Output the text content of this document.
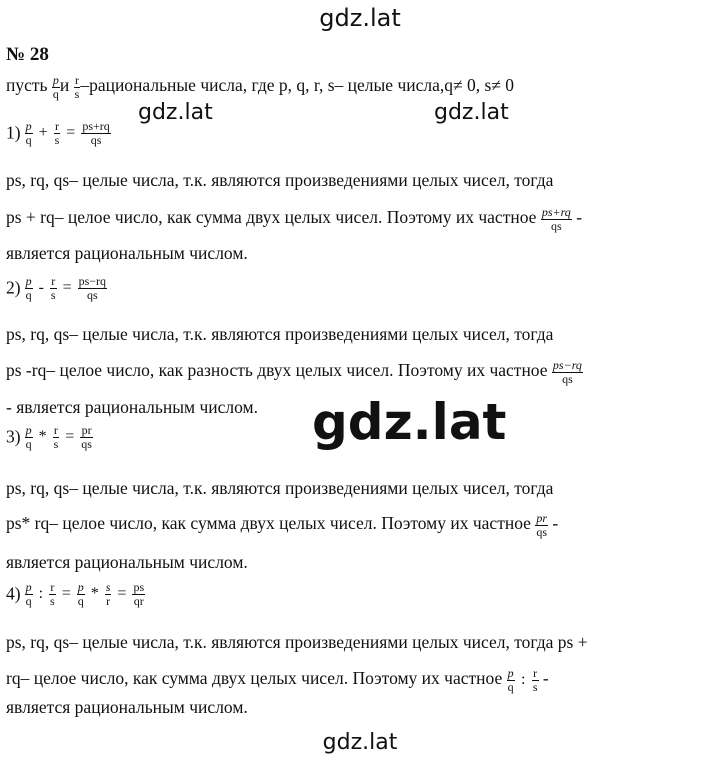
gdz.lat
gdz.lat	gdz.lat
gdz.lat
gdz.lat
№ 28
пусть $\frac{p}{q}$ и $\frac{r}{s}$ –рациональные числа, где p, q, r, s– целые числа,q≠ 0, s≠ 0
$1) \frac{p}{q} + \frac{r}{s} = \frac{ps+rq}{qs}$
ps, rq, qs– целые числа, т.к. являются произведениями целых чисел, тогда
ps + rq– целое число, как сумма двух целых чисел. Поэтому их частное $\frac{ps+rq}{qs}$ -
является рациональным числом.
$2) \frac{p}{q} - \frac{r}{s} = \frac{ps-rq}{qs}$
ps, rq, qs– целые числа, т.к. являются произведениями целых чисел, тогда
ps -rq– целое число, как разность двух целых чисел. Поэтому их частное $\frac{ps-rq}{qs}$
- является рациональным числом.
$3) \frac{p}{q} * \frac{r}{s} = \frac{pr}{qs}$
ps, rq, qs– целые числа, т.к. являются произведениями целых чисел, тогда
ps* rq– целое число, как сумма двух целых чисел. Поэтому их частное $\frac{pr}{qs}$ -
является рациональным числом.
$4) \frac{p}{q}$ : $\frac{r}{s} = \frac{p}{q} * \frac{s}{r} = \frac{ps}{qr}$
ps, rq, qs– целые числа, т.к. являются произведениями целых чисел, тогда ps +
rq– целое число, как сумма двух целых чисел. Поэтому их частное $\frac{p}{q}$ : $\frac{r}{s}$ -
является рациональным числом.
